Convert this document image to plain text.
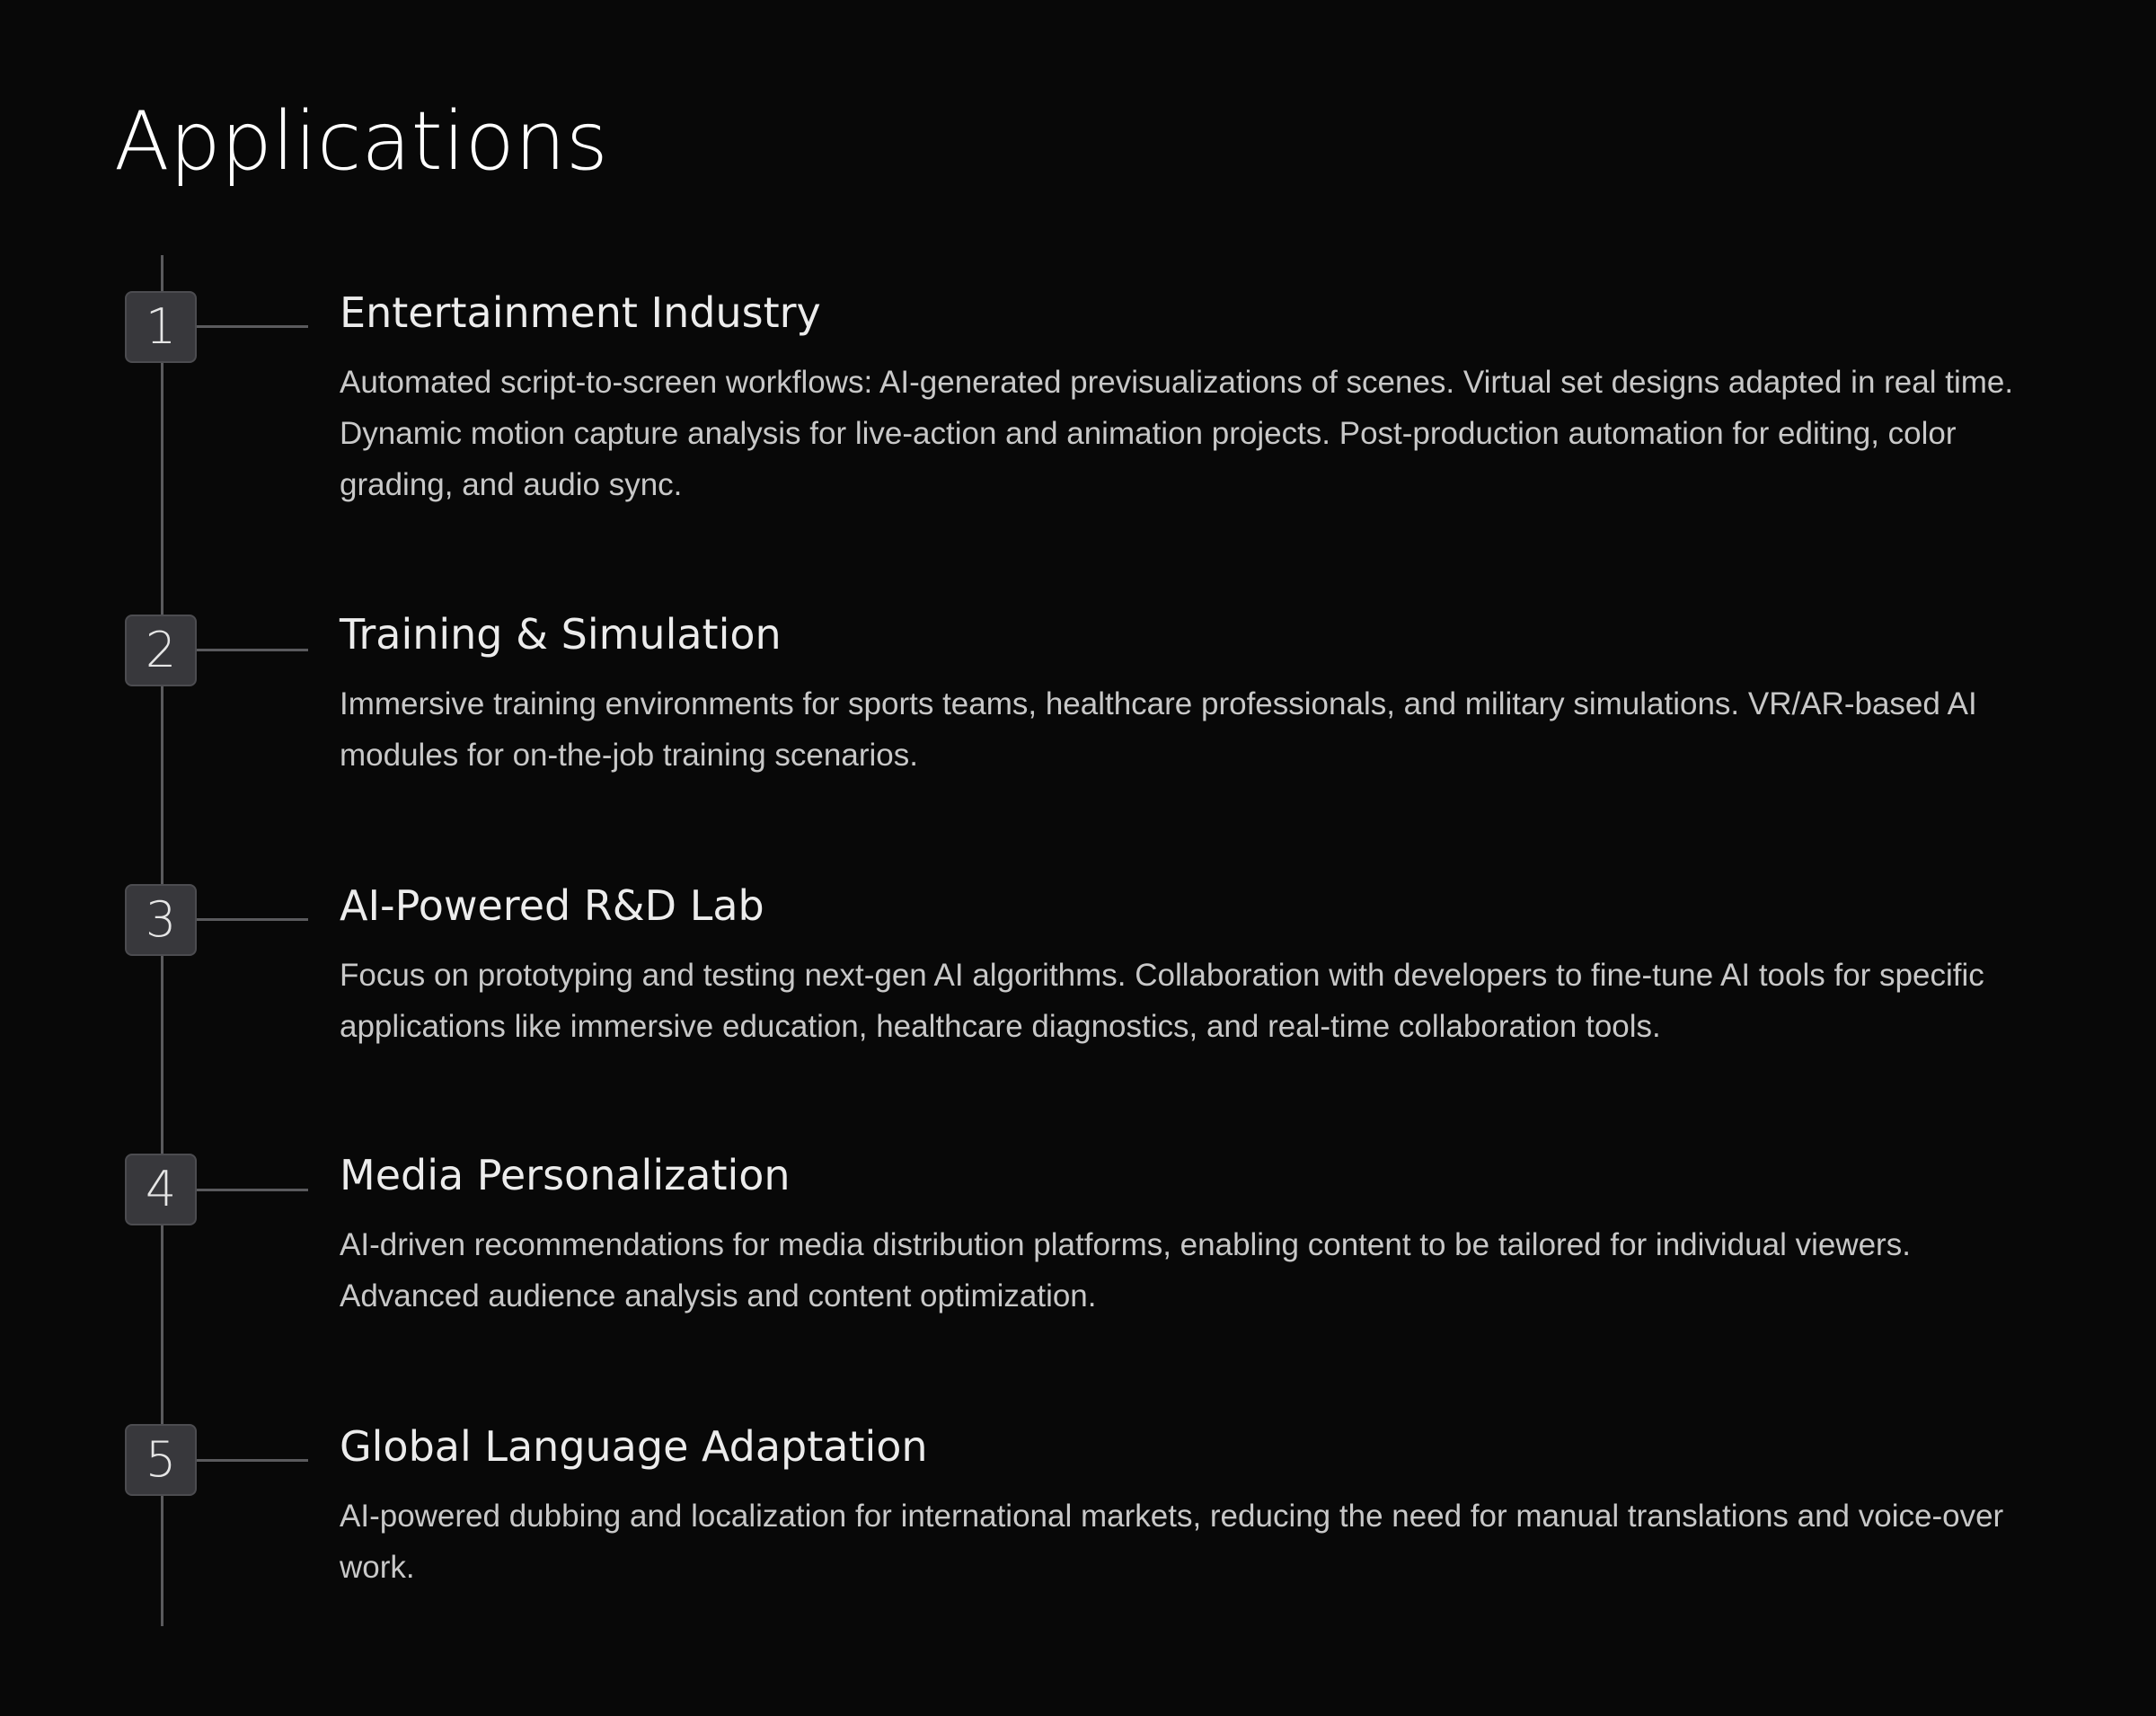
Applications
1	Entertainment Industry

Automated script-to-screen workflows: AI-generated previsualizations of scenes. Virtual set designs adapted in real time. Dynamic motion capture analysis for live-action and animation projects. Post-production automation for editing, color grading, and audio sync.

2	Training & Simulation

Immersive training environments for sports teams, healthcare professionals, and military simulations. VR/AR-based AI modules for on-the-job training scenarios.

3	AI-Powered R&D Lab

Focus on prototyping and testing next-gen AI algorithms. Collaboration with developers to fine-tune AI tools for specific applications like immersive education, healthcare diagnostics, and real-time collaboration tools.

4	Media Personalization

AI-driven recommendations for media distribution platforms, enabling content to be tailored for individual viewers. Advanced audience analysis and content optimization.

5	Global Language Adaptation

AI-powered dubbing and localization for international markets, reducing the need for manual translations and voice-over work.
